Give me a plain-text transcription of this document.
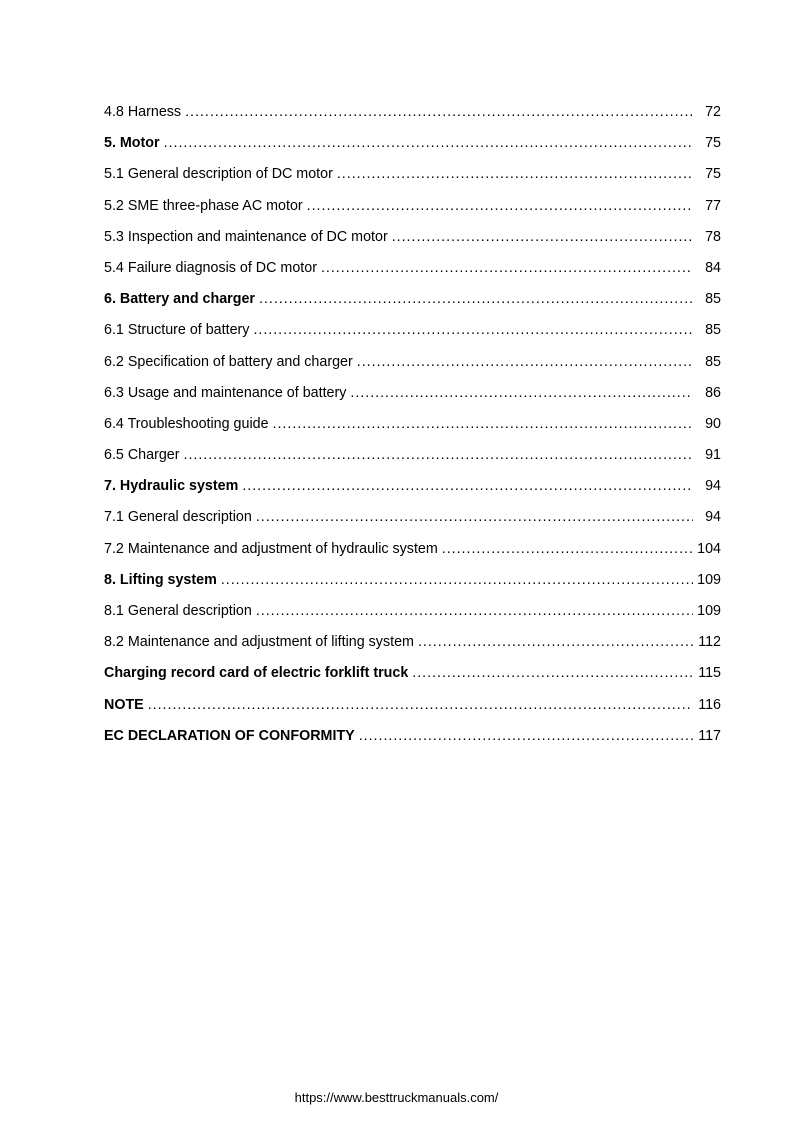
4.8 Harness . . .	72
5. Motor . . .	75
5.1 General description of DC motor . . .	75
5.2 SME three-phase AC motor . . .	77
5.3 Inspection and maintenance of DC motor . . .	78
5.4 Failure diagnosis of DC motor . . .	84
6. Battery and charger . . .	85
6.1 Structure of battery . . .	85
6.2 Specification of battery and charger . . .	85
6.3 Usage and maintenance of battery . . .	86
6.4 Troubleshooting guide . . .	90
6.5 Charger . . .	91
7. Hydraulic system . . .	94
7.1 General description . . .	94
7.2 Maintenance and adjustment of hydraulic system . . .	104
8. Lifting system . . .	109
8.1 General description . . .	109
8.2 Maintenance and adjustment of lifting system . . .	112
Charging record card of electric forklift truck . . .	115
NOTE . . .	116
EC DECLARATION OF CONFORMITY . . .	117
https://www.besttruckmanuals.com/
